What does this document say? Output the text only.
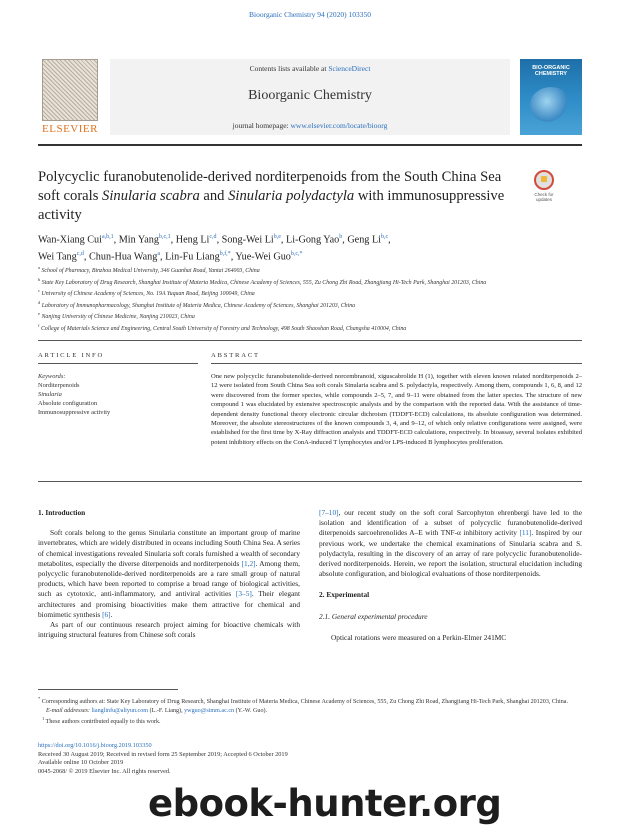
Bioorganic Chemistry 94 (2020) 103350
ELSEVIER
Contents lists available at ScienceDirect
Bioorganic Chemistry
journal homepage: www.elsevier.com/locate/bioorg
BIO-ORGANIC CHEMISTRY
Polycyclic furanobutenolide-derived norditerpenoids from the South China Sea soft corals Sinularia scabra and Sinularia polydactyla with immunosuppressive activity
Check for updates
Wan-Xiang Cui$^{a,b,1}$, Min Yang$^{b,c,1}$, Heng Li$^{c,d}$, Song-Wei Li$^{b,e}$, Li-Gong Yao$^b$, Geng Li$^{b,c}$,
Wei Tang$^{c,d}$, Chun-Hua Wang$^a$, Lin-Fu Liang$^{b,f,*}$, Yue-Wei Guo$^{b,c,*}$
$^a$ School of Pharmacy, Binzhou Medical University, 346 Guanhai Road, Yantai 264003, China
$^b$ State Key Laboratory of Drug Research, Shanghai Institute of Materia Medica, Chinese Academy of Sciences, 555, Zu Chong Zhi Road, Zhangjiang Hi-Tech Park, Shanghai 201203, China
$^c$ University of Chinese Academy of Sciences, No. 19A Yuquan Road, Beijing 100049, China
$^d$ Laboratory of Immunopharmacology, Shanghai Institute of Materia Medica, Chinese Academy of Sciences, Shanghai 201203, China
$^e$ Nanjing University of Chinese Medicine, Nanjing 210023, China
$^f$ College of Materials Science and Engineering, Central South University of Forestry and Technology, 498 South Shaoshan Road, Changsha 410004, China
ARTICLE INFO	ABSTRACT
Keywords:
Norditerpenoids
Sinularia
Absolute configuration
Immunosuppressive activity
One new polycyclic furanobutenolide-derived norcembranoid, xiguscabrolide H (1), together with eleven known related norditerpenoids 2–12 were isolated from South China Sea soft corals Sinularia scabra and S. polydactyla, respectively. Among them, compounds 1, 6, 8, and 12 were discovered from the former species, while compounds 2–5, 7, and 9–11 were obtained from the latter species. The structure of new compound 1 was elucidated by extensive spectroscopic analysis and by the comparison with the reported data. With the assistance of time-dependent density functional theory electronic circular dichroism (TDDFT-ECD) calculations, its absolute configuration was determined. Moreover, the absolute stereostructures of the known compounds 3, 4, and 9–12, of which only relative configurations were assigned, were established for the first time by X-Ray diffraction analysis and TDDFT-ECD calculations, respectively. In bioassay, several isolates exhibited potent inhibitory effects on the ConA-induced T lymphocytes and/or LPS-induced B lymphocytes proliferation.
1. Introduction

Soft corals belong to the genus Sinularia constitute an important group of marine invertebrates, which are widely distributed in oceans including South China Sea. A series of chemical investigations revealed Sinularia soft corals furnished a wealth of secondary metabolites, especially the diverse diterpenoids and norditerpenoids [1,2]. Among them, polycyclic furanobutenolide-derived norditerpenoids are a rare small group of natural products, which have been reported to comprise a broad range of biological activities, such as cytotoxic, anti-inflammatory, and antiviral activities [3–5]. Their elegant architectures and promising bioactivities make them attractive for chemical and biomimetic synthesis [6].

As part of our continuous research project aiming for bioactive chemicals with intriguing structural features from Chinese soft corals

[7–10], our recent study on the soft coral Sarcophyton ehrenbergi have led to the isolation and identification of a subset of polycyclic furanobutenolide-derived diterpenoids sarcoehrenolides A–E with TNF-α inhibitory activity [11]. Inspired by our previous work, we undertake the chemical examinations of Sinularia scabra and S. polydactyla, resulting in the discovery of an array of rare polycyclic furanobutenolide-derived norditerpenoids. Herein, we report the isolation, structural elucidation including absolute configuration, and biological evaluations of those norditerpenoids.
2. Experimental
2.1. General experimental procedure

Optical rotations were measured on a Perkin-Elmer 241MC

* Corresponding authors at: State Key Laboratory of Drug Research, Shanghai Institute of Materia Medica, Chinese Academy of Sciences, 555, Zu Chong Zhi Road, Zhangjiang Hi-Tech Park, Shanghai 201203, China.
E-mail addresses: lianglinfu@aliyun.com (L.-F. Liang), ywguo@simm.ac.cn (Y.-W. Guo).
$^1$ These authors contributed equally to this work.
https://doi.org/10.1016/j.bioorg.2019.103350
Received 30 August 2019; Received in revised form 25 September 2019; Accepted 6 October 2019
Available online 10 October 2019
0045-2068/ © 2019 Elsevier Inc. All rights reserved.
ebook-hunter.org
